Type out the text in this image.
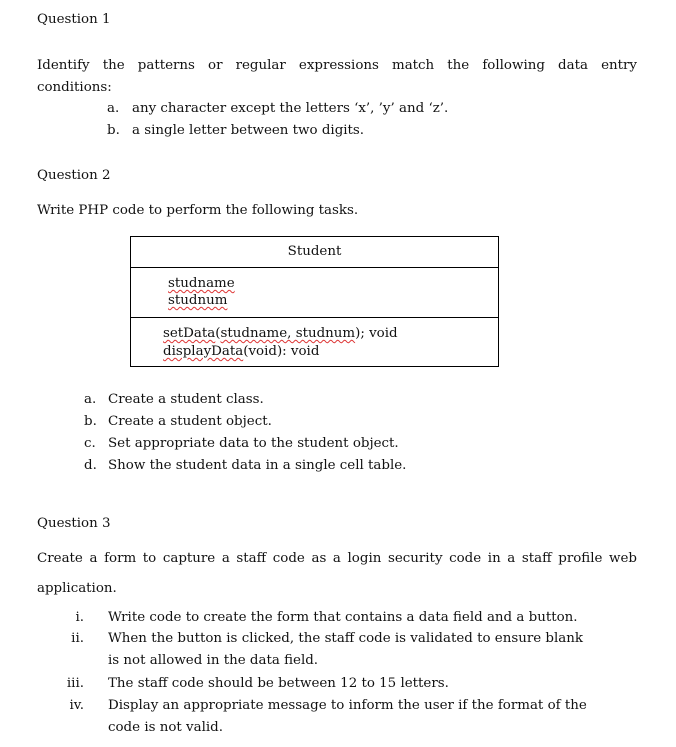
Question 1
Identify the patterns or regular expressions match the following data entry
conditions:
a. any character except the letters ‘x’, ’y’ and ‘z’.
b. a single letter between two digits.
Question 2
Write PHP code to perform the following tasks.
Student
studname
studnum
setData(studname, studnum); void
displayData(void): void
a. Create a student class.
b. Create a student object.
c. Set appropriate data to the student object.
d. Show the student data in a single cell table.
Question 3
Create a form to capture a staff code as a login security code in a staff profile web
application.
i. Write code to create the form that contains a data field and a button.
ii. When the button is clicked, the staff code is validated to ensure blank
is not allowed in the data field.
iii. The staff code should be between 12 to 15 letters.
iv. Display an appropriate message to inform the user if the format of the
code is not valid.
